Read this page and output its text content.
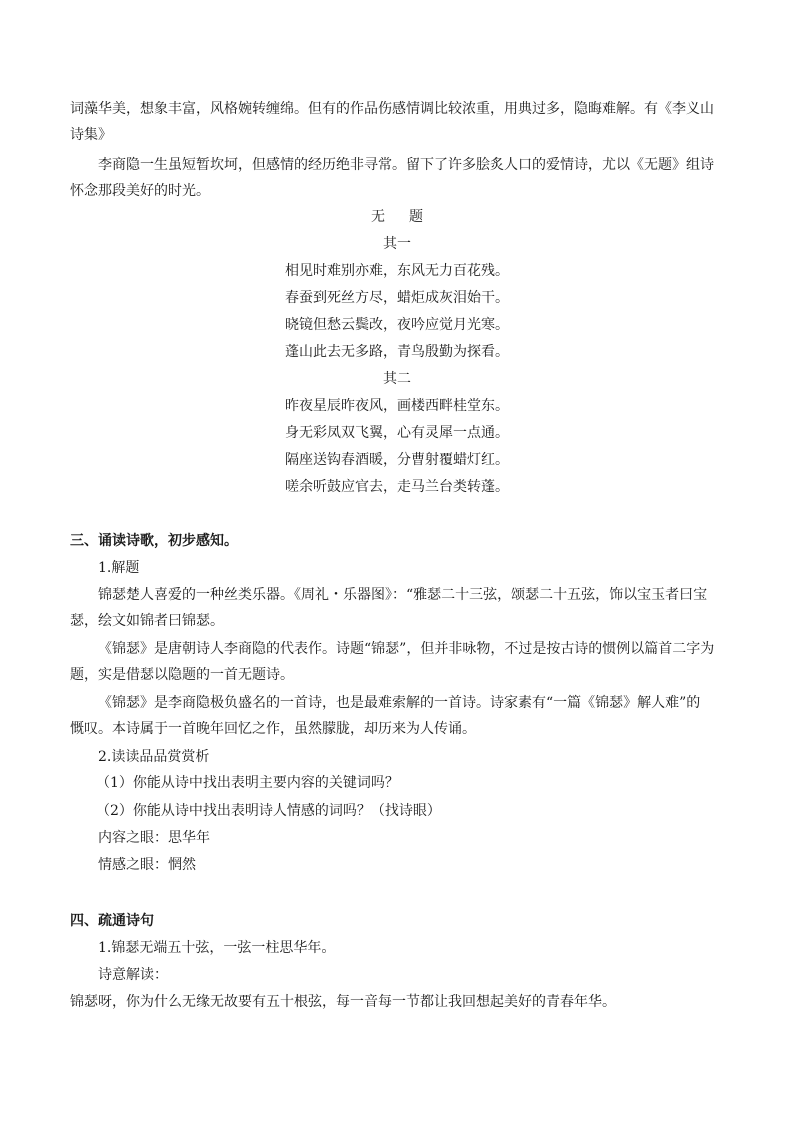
词藻华美，想象丰富，风格婉转缠绵。但有的作品伤感情调比较浓重，用典过多，隐晦难解。有《李义山
诗集》
李商隐一生虽短暂坎坷，但感情的经历绝非寻常。留下了许多脍炙人口的爱情诗，尤以《无题》组诗
怀念那段美好的时光。
无 题
其一
相见时难别亦难，东风无力百花残。
春蚕到死丝方尽，蜡炬成灰泪始干。
晓镜但愁云鬓改，夜吟应觉月光寒。
蓬山此去无多路，青鸟殷勤为探看。
其二
昨夜星辰昨夜风，画楼西畔桂堂东。
身无彩凤双飞翼，心有灵犀一点通。
隔座送钩春酒暖，分曹射覆蜡灯红。
嗟余听鼓应官去，走马兰台类转蓬。
三、诵读诗歌，初步感知。
1.解题
锦瑟楚人喜爱的一种丝类乐器。《周礼・乐器图》：“雅瑟二十三弦，颂瑟二十五弦，饰以宝玉者曰宝
瑟，绘文如锦者曰锦瑟。
《锦瑟》是唐朝诗人李商隐的代表作。诗题“锦瑟”，但并非咏物，不过是按古诗的惯例以篇首二字为
题，实是借瑟以隐题的一首无题诗。
《锦瑟》是李商隐极负盛名的一首诗，也是最难索解的一首诗。诗家素有“一篇《锦瑟》解人难”的
慨叹。本诗属于一首晚年回忆之作，虽然朦胧，却历来为人传诵。
2.读读品品赏赏析
（1）你能从诗中找出表明主要内容的关键词吗？
（2）你能从诗中找出表明诗人情感的词吗？（找诗眼）
内容之眼：思华年
情感之眼：惘然
四、疏通诗句
1.锦瑟无端五十弦，一弦一柱思华年。
诗意解读：
锦瑟呀，你为什么无缘无故要有五十根弦，每一音每一节都让我回想起美好的青春年华。
